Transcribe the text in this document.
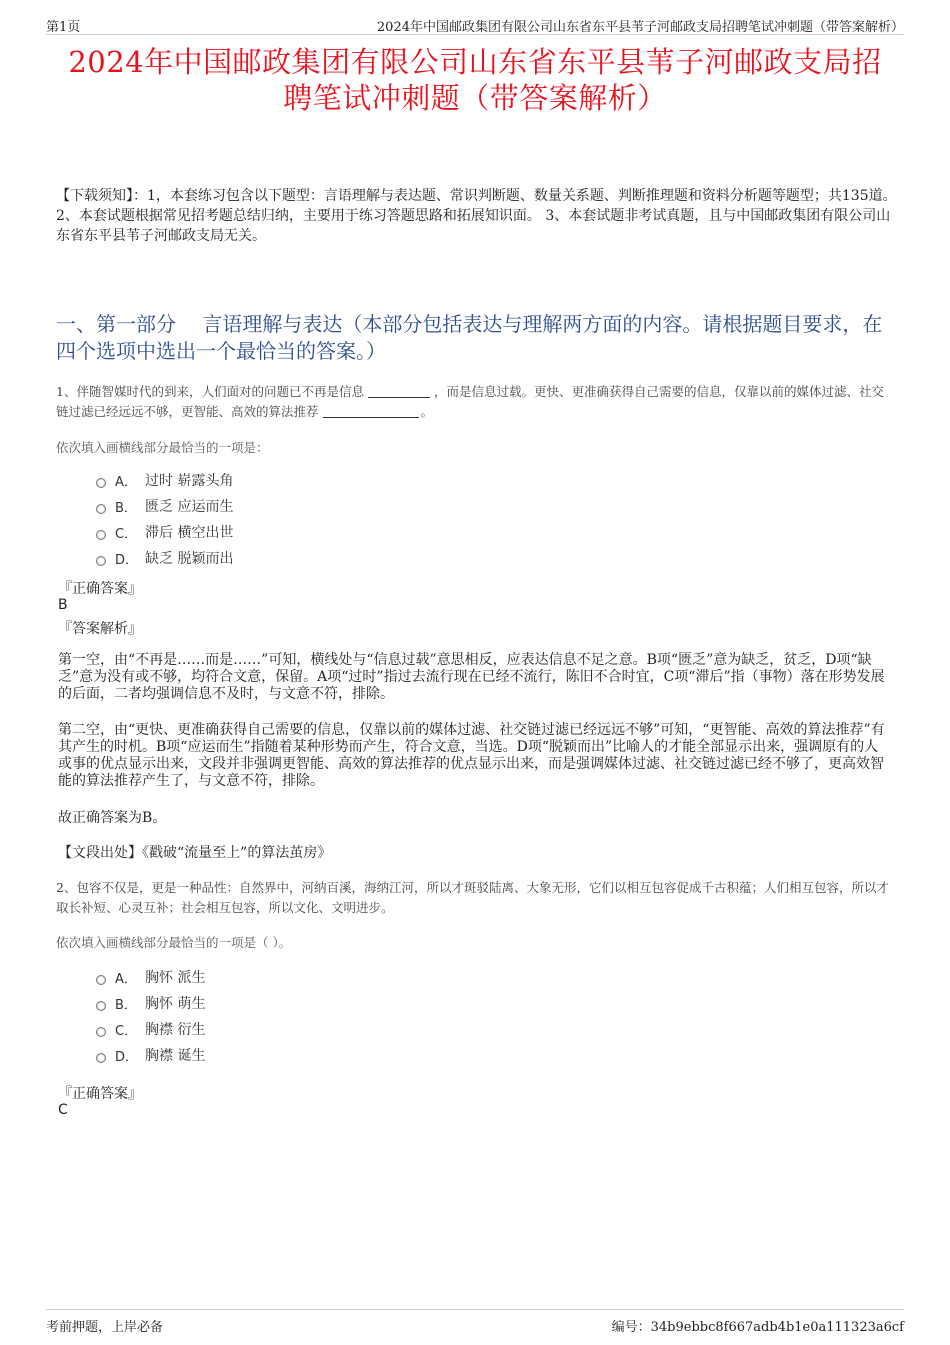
第1页	2024年中国邮政集团有限公司山东省东平县苇子河邮政支局招聘笔试冲刺题（带答案解析）
2024年中国邮政集团有限公司山东省东平县苇子河邮政支局招
聘笔试冲刺题（带答案解析）
【下载须知】：1，本套练习包含以下题型：言语理解与表达题、常识判断题、数量关系题、判断推理题和资料分析题等题型；共135道。 2、本套试题根据常见招考题总结归纳，主要用于练习答题思路和拓展知识面。 3、本套试题非考试真题，且与中国邮政集团有限公司山东省东平县苇子河邮政支局无关。
一、第一部分　 言语理解与表达（本部分包括表达与理解两方面的内容。请根据题目要求，在四个选项中选出一个最恰当的答案。）
1、伴随智媒时代的到来，人们面对的问题已不再是信息	，而是信息过载。更快、更准确获得自己需要的信息，仅靠以前的媒体过滤、社交链过滤已经远远不够，更智能、高效的算法推荐	。
依次填入画横线部分最恰当的一项是：
A． 过时 崭露头角
B． 匮乏 应运而生
C． 滞后 横空出世
D． 缺乏 脱颖而出
『正确答案』
B
『答案解析』
第一空，由“不再是……而是……”可知，横线处与“信息过载”意思相反，应表达信息不足之意。B项“匮乏”意为缺乏，贫乏，D项“缺乏”意为没有或不够，均符合文意，保留。A项“过时”指过去流行现在已经不流行，陈旧不合时宜，C项“滞后”指（事物）落在形势发展的后面，二者均强调信息不及时，与文意不符，排除。
第二空，由“更快、更准确获得自己需要的信息，仅靠以前的媒体过滤、社交链过滤已经远远不够”可知，“更智能、高效的算法推荐”有其产生的时机。B项“应运而生”指随着某种形势而产生，符合文意，当选。D项“脱颖而出”比喻人的才能全部显示出来，强调原有的人或事的优点显示出来，文段并非强调更智能、高效的算法推荐的优点显示出来，而是强调媒体过滤、社交链过滤已经不够了，更高效智能的算法推荐产生了，与文意不符，排除。
故正确答案为B。
【文段出处】《戳破“流量至上”的算法茧房》
2、包容不仅是，更是一种品性：自然界中，河纳百溪，海纳江河，所以才斑驳陆离、大象无形，它们以相互包容促成千古积蕴；人们相互包容，所以才取长补短、心灵互补；社会相互包容，所以文化、文明进步。
依次填入画横线部分最恰当的一项是（ ）。
A． 胸怀 派生
B． 胸怀 萌生
C． 胸襟 衍生
D． 胸襟 诞生
『正确答案』
C
考前押题，上岸必备	编号：34b9ebbc8f667adb4b1e0a111323a6cf
